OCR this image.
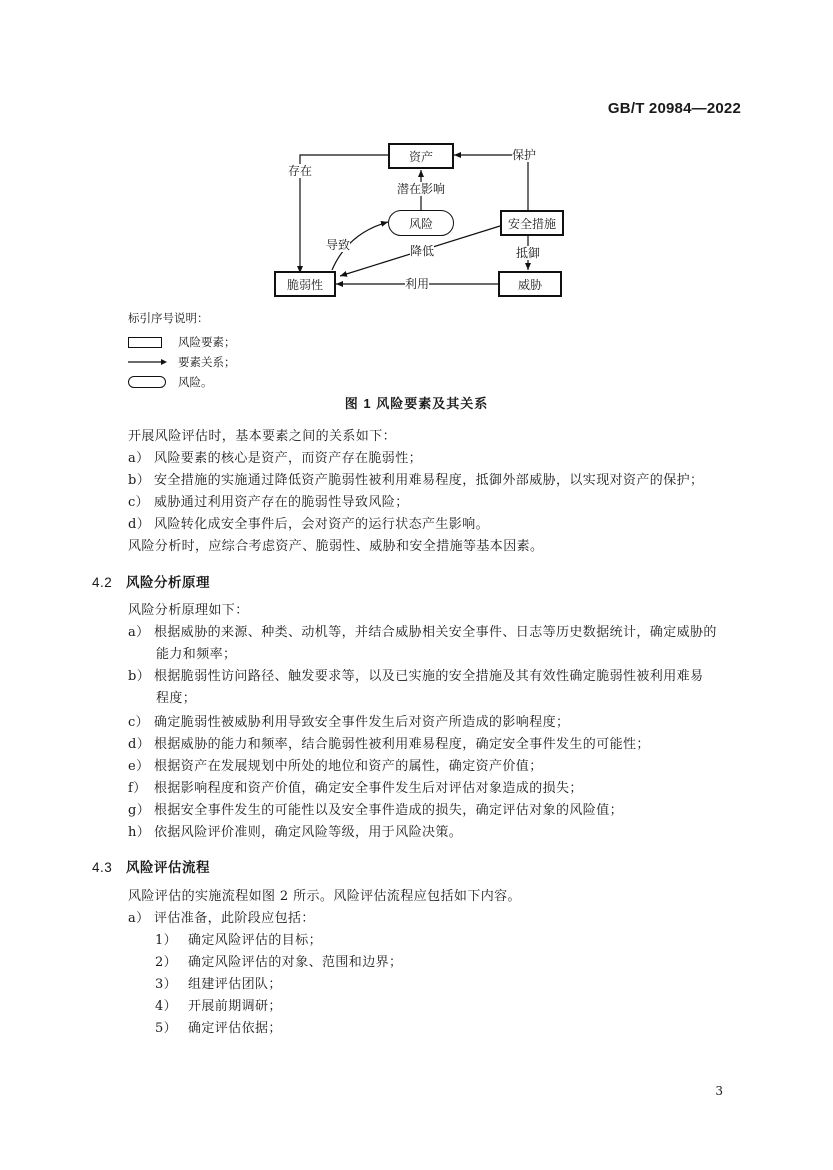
GB/T 20984—2022
资产
风险	安全措施
脆弱性	威胁
存在
保护
潜在影响
导致	降低	抵御
利用
标引序号说明：
风险要素；
要素关系；
风险。
图 1 风险要素及其关系
开展风险评估时，基本要素之间的关系如下：
a） 风险要素的核心是资产，而资产存在脆弱性；
b） 安全措施的实施通过降低资产脆弱性被利用难易程度，抵御外部威胁，以实现对资产的保护；
c） 威胁通过利用资产存在的脆弱性导致风险；
d） 风险转化成安全事件后，会对资产的运行状态产生影响。
风险分析时，应综合考虑资产、脆弱性、威胁和安全措施等基本因素。
4.2 风险分析原理
风险分析原理如下：
a） 根据威胁的来源、种类、动机等，并结合威胁相关安全事件、日志等历史数据统计，确定威胁的
能力和频率；
b） 根据脆弱性访问路径、触发要求等，以及已实施的安全措施及其有效性确定脆弱性被利用难易
程度；
c） 确定脆弱性被威胁利用导致安全事件发生后对资产所造成的影响程度；
d） 根据威胁的能力和频率，结合脆弱性被利用难易程度，确定安全事件发生的可能性；
e） 根据资产在发展规划中所处的地位和资产的属性，确定资产价值；
f） 根据影响程度和资产价值，确定安全事件发生后对评估对象造成的损失；
g） 根据安全事件发生的可能性以及安全事件造成的损失，确定评估对象的风险值；
h） 依据风险评价准则，确定风险等级，用于风险决策。
4.3 风险评估流程
风险评估的实施流程如图 2 所示。风险评估流程应包括如下内容。
a） 评估准备，此阶段应包括：
1） 确定风险评估的目标；
2） 确定风险评估的对象、范围和边界；
3） 组建评估团队；
4） 开展前期调研；
5） 确定评估依据；
3
